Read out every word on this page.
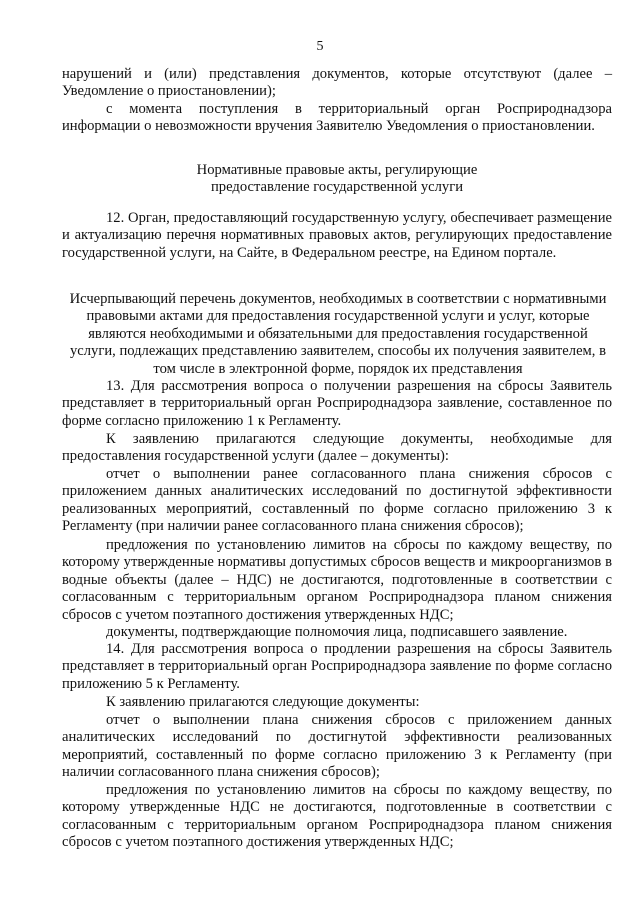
5

нарушений и (или) представления документов, которые отсутствуют (далее – Уведомление о приостановлении);

с момента поступления в территориальный орган Росприроднадзора информации о невозможности вручения Заявителю Уведомления о приостановлении.

Нормативные правовые акты, регулирующие предоставление государственной услуги

12. Орган, предоставляющий государственную услугу, обеспечивает размещение и актуализацию перечня нормативных правовых актов, регулирующих предоставление государственной услуги, на Сайте, в Федеральном реестре, на Едином портале.

Исчерпывающий перечень документов, необходимых в соответствии с нормативными правовыми актами для предоставления государственной услуги и услуг, которые являются необходимыми и обязательными для предоставления государственной услуги, подлежащих представлению заявителем, способы их получения заявителем, в том числе в электронной форме, порядок их представления

13. Для рассмотрения вопроса о получении разрешения на сбросы Заявитель представляет в территориальный орган Росприроднадзора заявление, составленное по форме согласно приложению 1 к Регламенту.

К заявлению прилагаются следующие документы, необходимые для предоставления государственной услуги (далее – документы):

отчет о выполнении ранее согласованного плана снижения сбросов с приложением данных аналитических исследований по достигнутой эффективности реализованных мероприятий, составленный по форме согласно приложению 3 к Регламенту (при наличии ранее согласованного плана снижения сбросов);

предложения по установлению лимитов на сбросы по каждому веществу, по которому утвержденные нормативы допустимых сбросов веществ и микроорганизмов в водные объекты (далее – НДС) не достигаются, подготовленные в соответствии с согласованным с территориальным органом Росприроднадзора планом снижения сбросов с учетом поэтапного достижения утвержденных НДС;

документы, подтверждающие полномочия лица, подписавшего заявление.

14. Для рассмотрения вопроса о продлении разрешения на сбросы Заявитель представляет в территориальный орган Росприроднадзора заявление по форме согласно приложению 5 к Регламенту.

К заявлению прилагаются следующие документы:

отчет о выполнении плана снижения сбросов с приложением данных аналитических исследований по достигнутой эффективности реализованных мероприятий, составленный по форме согласно приложению 3 к Регламенту (при наличии согласованного плана снижения сбросов);

предложения по установлению лимитов на сбросы по каждому веществу, по которому утвержденные НДС не достигаются, подготовленные в соответствии с согласованным с территориальным органом Росприроднадзора планом снижения сбросов с учетом поэтапного достижения утвержденных НДС;
